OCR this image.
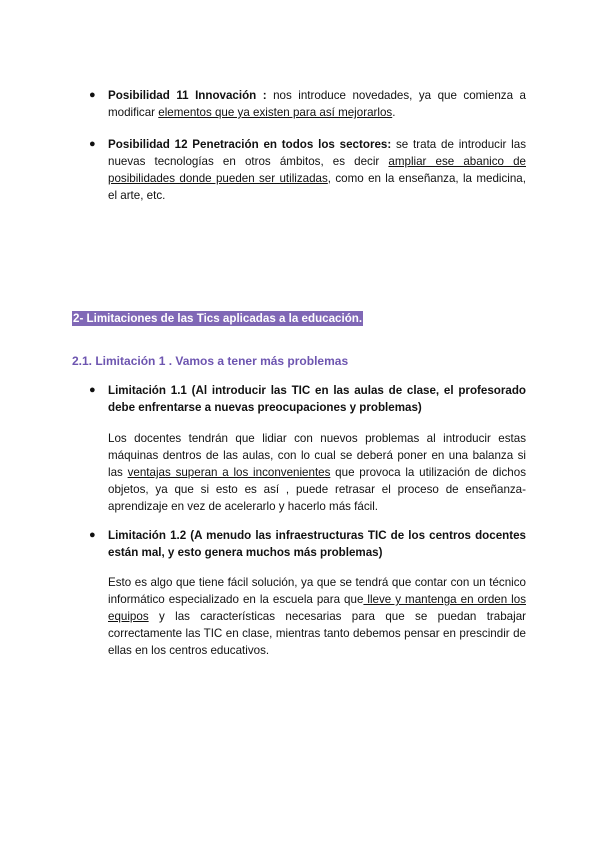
● Posibilidad 11 Innovación : nos introduce novedades, ya que comienza a modificar elementos que ya existen para así mejorarlos.
● Posibilidad 12 Penetración en todos los sectores: se trata de introducir las nuevas tecnologías en otros ámbitos, es decir ampliar ese abanico de posibilidades donde pueden ser utilizadas, como en la enseñanza, la medicina, el arte, etc.
2- Limitaciones de las Tics aplicadas a la educación.
2.1. Limitación 1 . Vamos a tener más problemas
● Limitación 1.1 (Al introducir las TIC en las aulas de clase, el profesorado debe enfrentarse a nuevas preocupaciones y problemas)
Los docentes tendrán que lidiar con nuevos problemas al introducir estas máquinas dentros de las aulas, con lo cual se deberá poner en una balanza si las ventajas superan a los inconvenientes que provoca la utilización de dichos objetos, ya que si esto es así , puede retrasar el proceso de enseñanza-aprendizaje en vez de acelerarlo y hacerlo más fácil.
● Limitación 1.2 (A menudo las infraestructuras TIC de los centros docentes están mal, y esto genera muchos más problemas)
Esto es algo que tiene fácil solución, ya que se tendrá que contar con un técnico informático especializado en la escuela para que lleve y mantenga en orden los equipos y las características necesarias para que se puedan trabajar correctamente las TIC en clase, mientras tanto debemos pensar en prescindir de ellas en los centros educativos.
